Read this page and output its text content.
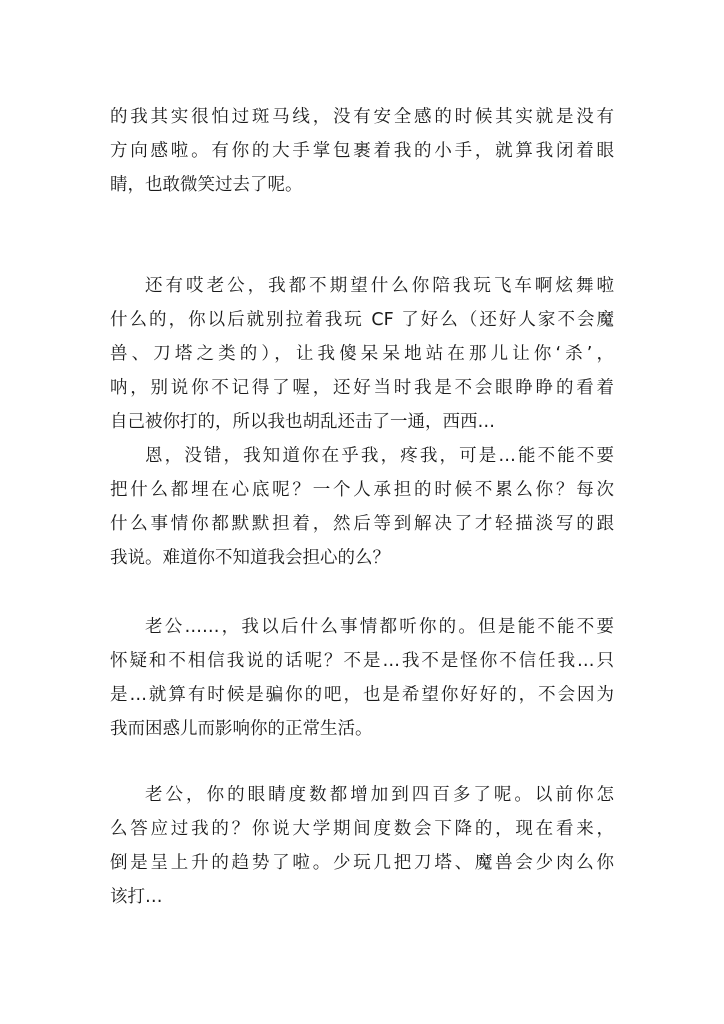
的我其实很怕过斑马线，没有安全感的时候其实就是没有
方向感啦。有你的大手掌包裹着我的小手，就算我闭着眼
睛，也敢微笑过去了呢。

还有哎老公，我都不期望什么你陪我玩飞车啊炫舞啦
什么的，你以后就别拉着我玩 CF 了好么（还好人家不会魔
兽、刀塔之类的），让我傻呆呆地站在那儿让你‘杀’，
呐，别说你不记得了喔，还好当时我是不会眼睁睁的看着
自己被你打的，所以我也胡乱还击了一通，西西…

恩，没错，我知道你在乎我，疼我，可是…能不能不要
把什么都埋在心底呢？一个人承担的时候不累么你？每次
什么事情你都默默担着，然后等到解决了才轻描淡写的跟
我说。难道你不知道我会担心的么？

老公……，我以后什么事情都听你的。但是能不能不要
怀疑和不相信我说的话呢？不是…我不是怪你不信任我…只
是…就算有时候是骗你的吧，也是希望你好好的，不会因为
我而困惑儿而影响你的正常生活。

老公，你的眼睛度数都增加到四百多了呢。以前你怎
么答应过我的？你说大学期间度数会下降的，现在看来，
倒是呈上升的趋势了啦。少玩几把刀塔、魔兽会少肉么你
该打…
